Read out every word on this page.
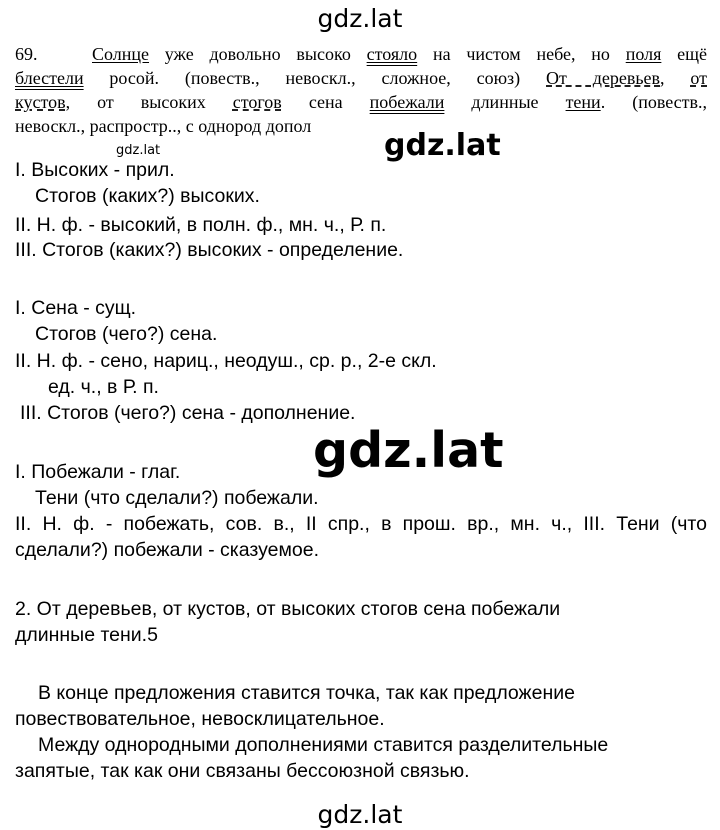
gdz.lat
gdz.lat
gdz.lat
gdz.lat
69.	Солнце уже довольно высоко стояло на чистом небе, но поля ещё
блестели росой. (повеств., невоскл., сложное, союз) От деревьев, от
кустов, от высоких стогов сена побежали длинные тени. (повеств.,
невоскл., распростр.., с однород допол
gdz.lat
I. Высоких - прил.
Стогов (каких?) высоких.
II. Н. ф. - высокий, в полн. ф., мн. ч., Р. п.
III. Стогов (каких?) высоких - определение.
I. Сена - сущ.
Стогов (чего?) сена.
II. Н. ф. - сено, нариц., неодуш., ср. р., 2-е скл.
ед. ч., в Р. п.
III. Стогов (чего?) сена - дополнение.
I. Побежали - глаг.
Тени (что сделали?) побежали.
II. Н. ф. - побежать, сов. в., II спр., в прош. вр., мн. ч., III. Тени (что
сделали?) побежали - сказуемое.
2. От деревьев, от кустов, от высоких стогов сена побежали
длинные тени.5
В конце предложения ставится точка, так как предложение
повествовательное, невосклицательное.
Между однородными дополнениями ставится разделительные
запятые, так как они связаны бессоюзной связью.
